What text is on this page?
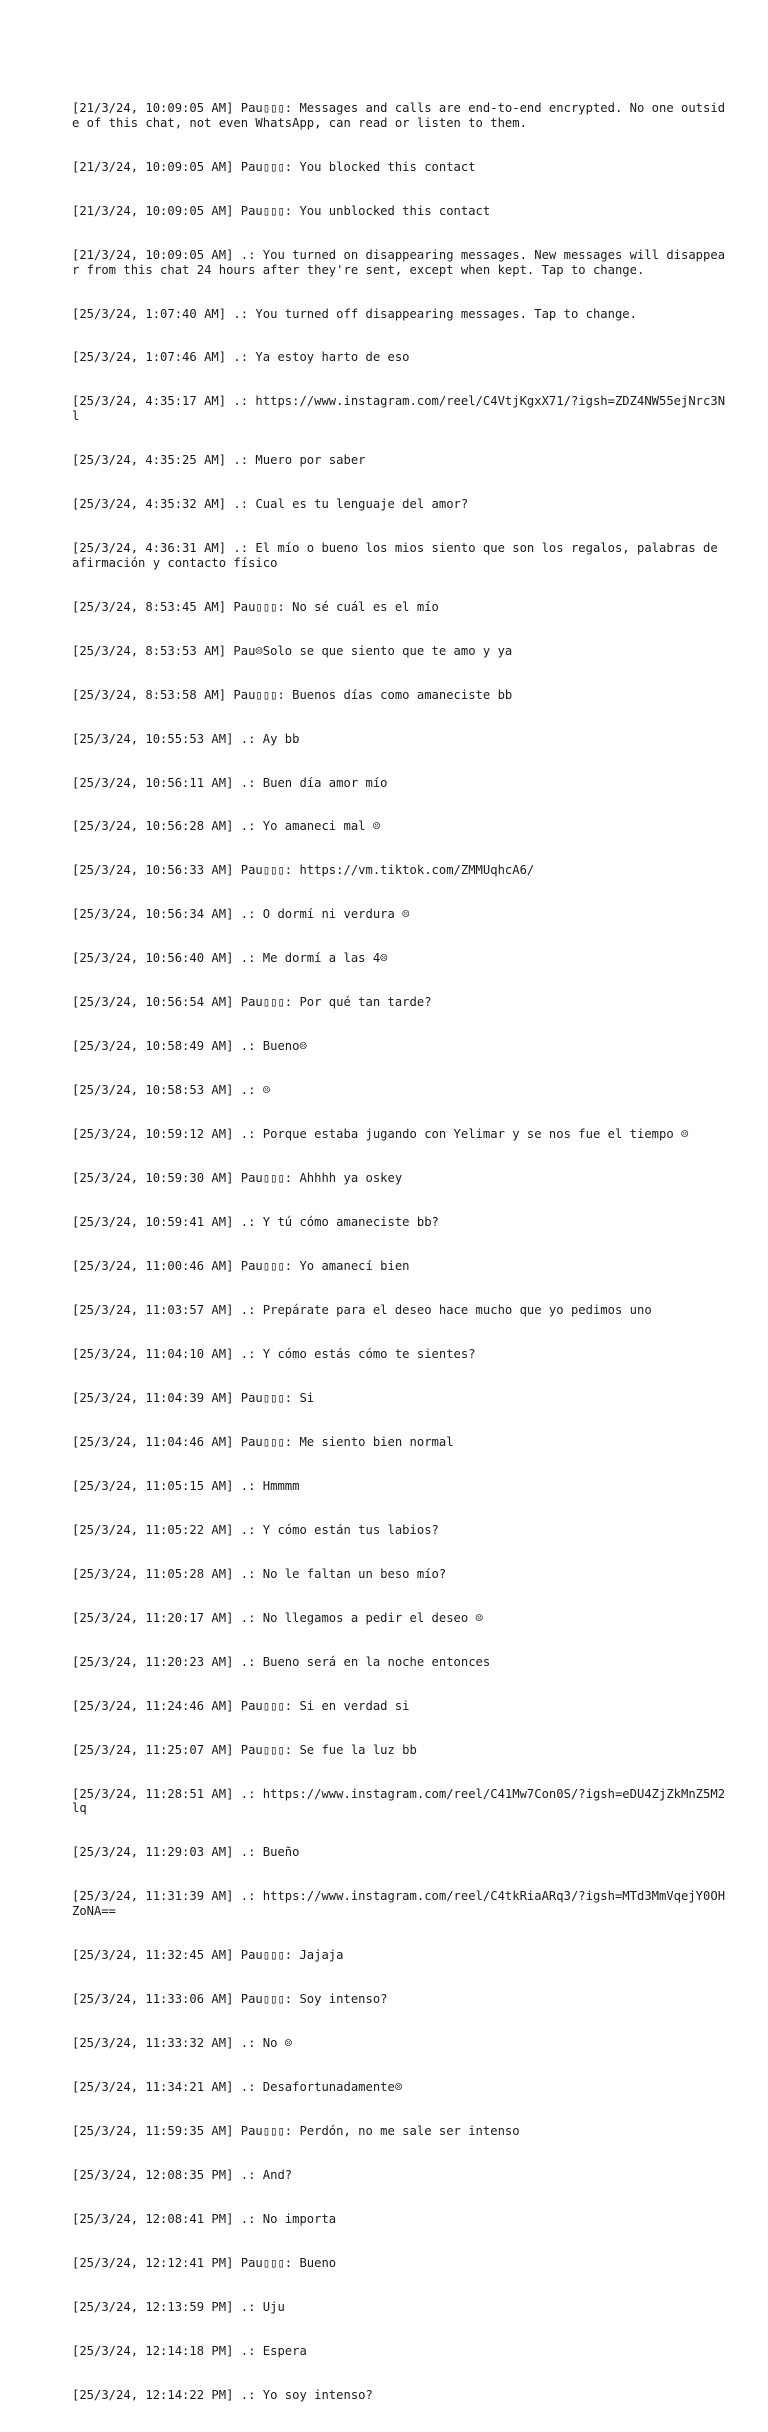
[21/3/24, 10:09:05 AM] Pau▯▯▯: Messages and calls are end-to-end encrypted. No one outside of this chat, not even WhatsApp, can read or listen to them.

[21/3/24, 10:09:05 AM] Pau▯▯▯: You blocked this contact

[21/3/24, 10:09:05 AM] Pau▯▯▯: You unblocked this contact

[21/3/24, 10:09:05 AM] .: You turned on disappearing messages. New messages will disappear from this chat 24 hours after they're sent, except when kept. Tap to change.

[25/3/24, 1:07:40 AM] .: You turned off disappearing messages. Tap to change.

[25/3/24, 1:07:46 AM] .: Ya estoy harto de eso

[25/3/24, 4:35:17 AM] .: https://www.instagram.com/reel/C4VtjKgxX71/?igsh=ZDZ4NW55ejNrc3Nl

[25/3/24, 4:35:25 AM] .: Muero por saber

[25/3/24, 4:35:32 AM] .: Cual es tu lenguaje del amor?

[25/3/24, 4:36:31 AM] .: El mío o bueno los mios siento que son los regalos, palabras de afirmación y contacto físico

[25/3/24, 8:53:45 AM] Pau▯▯▯: No sé cuál es el mío

[25/3/24, 8:53:53 AM] Pau☹Solo se que siento que te amo y ya

[25/3/24, 8:53:58 AM] Pau▯▯▯: Buenos días como amaneciste bb

[25/3/24, 10:55:53 AM] .: Ay bb

[25/3/24, 10:56:11 AM] .: Buen día amor mío

[25/3/24, 10:56:28 AM] .: Yo amaneci mal ☹

[25/3/24, 10:56:33 AM] Pau▯▯▯: https://vm.tiktok.com/ZMMUqhcA6/

[25/3/24, 10:56:34 AM] .: O dormí ni verdura ☹

[25/3/24, 10:56:40 AM] .: Me dormí a las 4☹

[25/3/24, 10:56:54 AM] Pau▯▯▯: Por qué tan tarde?

[25/3/24, 10:58:49 AM] .: Bueno☹

[25/3/24, 10:58:53 AM] .: ☹

[25/3/24, 10:59:12 AM] .: Porque estaba jugando con Yelimar y se nos fue el tiempo ☹

[25/3/24, 10:59:30 AM] Pau▯▯▯: Ahhhh ya oskey

[25/3/24, 10:59:41 AM] .: Y tú cómo amaneciste bb?

[25/3/24, 11:00:46 AM] Pau▯▯▯: Yo amanecí bien

[25/3/24, 11:03:57 AM] .: Prepárate para el deseo hace mucho que yo pedimos uno

[25/3/24, 11:04:10 AM] .: Y cómo estás cómo te sientes?

[25/3/24, 11:04:39 AM] Pau▯▯▯: Si

[25/3/24, 11:04:46 AM] Pau▯▯▯: Me siento bien normal

[25/3/24, 11:05:15 AM] .: Hmmmm

[25/3/24, 11:05:22 AM] .: Y cómo están tus labios?

[25/3/24, 11:05:28 AM] .: No le faltan un beso mío?

[25/3/24, 11:20:17 AM] .: No llegamos a pedir el deseo ☹

[25/3/24, 11:20:23 AM] .: Bueno será en la noche entonces

[25/3/24, 11:24:46 AM] Pau▯▯▯: Si en verdad si

[25/3/24, 11:25:07 AM] Pau▯▯▯: Se fue la luz bb

[25/3/24, 11:28:51 AM] .: https://www.instagram.com/reel/C41Mw7Con0S/?igsh=eDU4ZjZkMnZ5M2lq

[25/3/24, 11:29:03 AM] .: Bueño

[25/3/24, 11:31:39 AM] .: https://www.instagram.com/reel/C4tkRiaARq3/?igsh=MTd3MmVqejY0OHZoNA==

[25/3/24, 11:32:45 AM] Pau▯▯▯: Jajaja

[25/3/24, 11:33:06 AM] Pau▯▯▯: Soy intenso?

[25/3/24, 11:33:32 AM] .: No ☹

[25/3/24, 11:34:21 AM] .: Desafortunadamente☹

[25/3/24, 11:59:35 AM] Pau▯▯▯: Perdón, no me sale ser intenso

[25/3/24, 12:08:35 PM] .: And?

[25/3/24, 12:08:41 PM] .: No importa

[25/3/24, 12:12:41 PM] Pau▯▯▯: Bueno

[25/3/24, 12:13:59 PM] .: Uju

[25/3/24, 12:14:18 PM] .: Espera

[25/3/24, 12:14:22 PM] .: Yo soy intenso?
